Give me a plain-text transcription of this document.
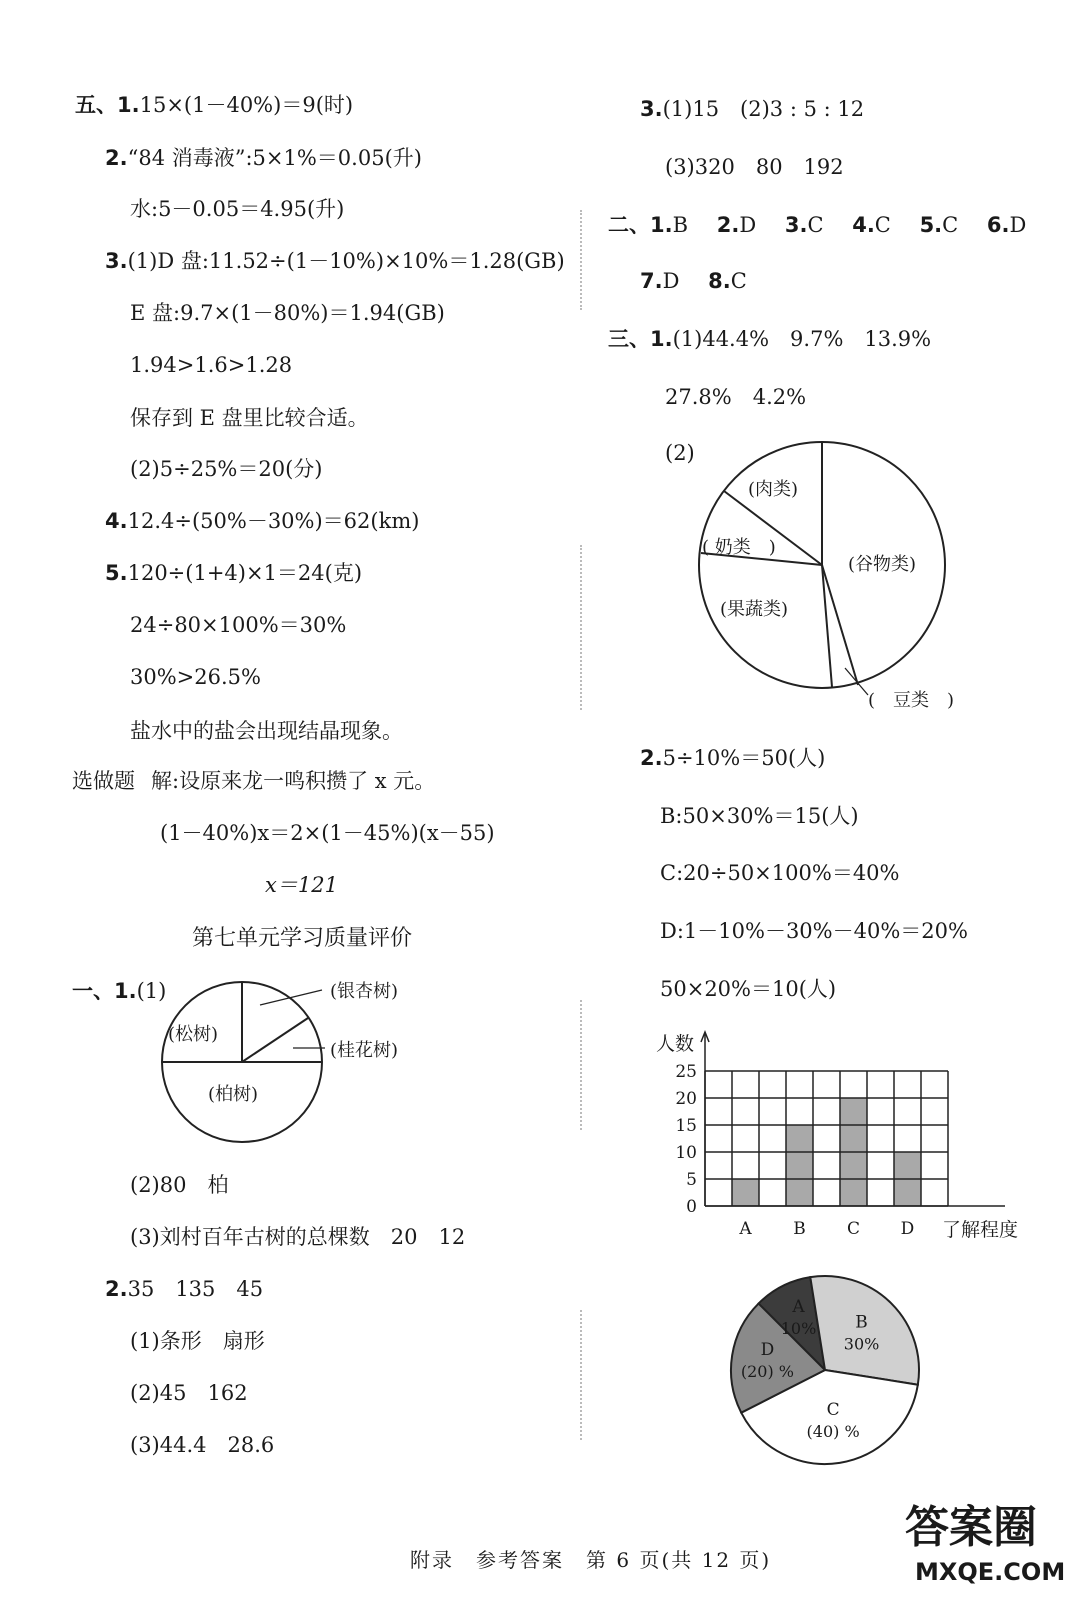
五、1.15×(1－40%)＝9(时)
2.“84 消毒液”:5×1%＝0.05(升)
水:5－0.05＝4.95(升)
3.(1)D 盘:11.52÷(1－10%)×10%＝1.28(GB)
E 盘:9.7×(1－80%)＝1.94(GB)
1.94>1.6>1.28
保存到 E 盘里比较合适。
(2)5÷25%＝20(分)
4.12.4÷(50%－30%)＝62(km)
5.120÷(1+4)×1＝24(克)
24÷80×100%＝30%
30%>26.5%
盐水中的盐会出现结晶现象。
选做题 解:设原来龙一鸣积攒了 x 元。
(1－40%)x＝2×(1－45%)(x－55)
x＝121
第七单元学习质量评价
一、1.(1)
(松树)
(柏树)
(银杏树)
(桂花树)
(2)80　柏
(3)刘村百年古树的总棵数　20　12
2.35　135　45
(1)条形　扇形
(2)45　162
(3)44.4　28.6
3.(1)15　(2)3 : 5 : 12
(3)320　80　192
二、1.B 2.D 3.C 4.C 5.C 6.D
7.D 8.C
三、1.(1)44.4%　9.7%　13.9%
27.8%　4.2%
(2)
(肉类)
( 奶类　)
(谷物类)
(果蔬类)
(　豆类　)
2.5÷10%＝50(人)
B:50×30%＝15(人)
C:20÷50×100%＝40%
D:1－10%－30%－40%＝20%
50×20%＝10(人)
0
5
10
15
20
25
A B C D
人数
了解程度
A
10% B
30%
C
(40) %
D
(20) %
附录　参考答案　第 6 页(共 12 页)
答案圈
MXQE.COM
